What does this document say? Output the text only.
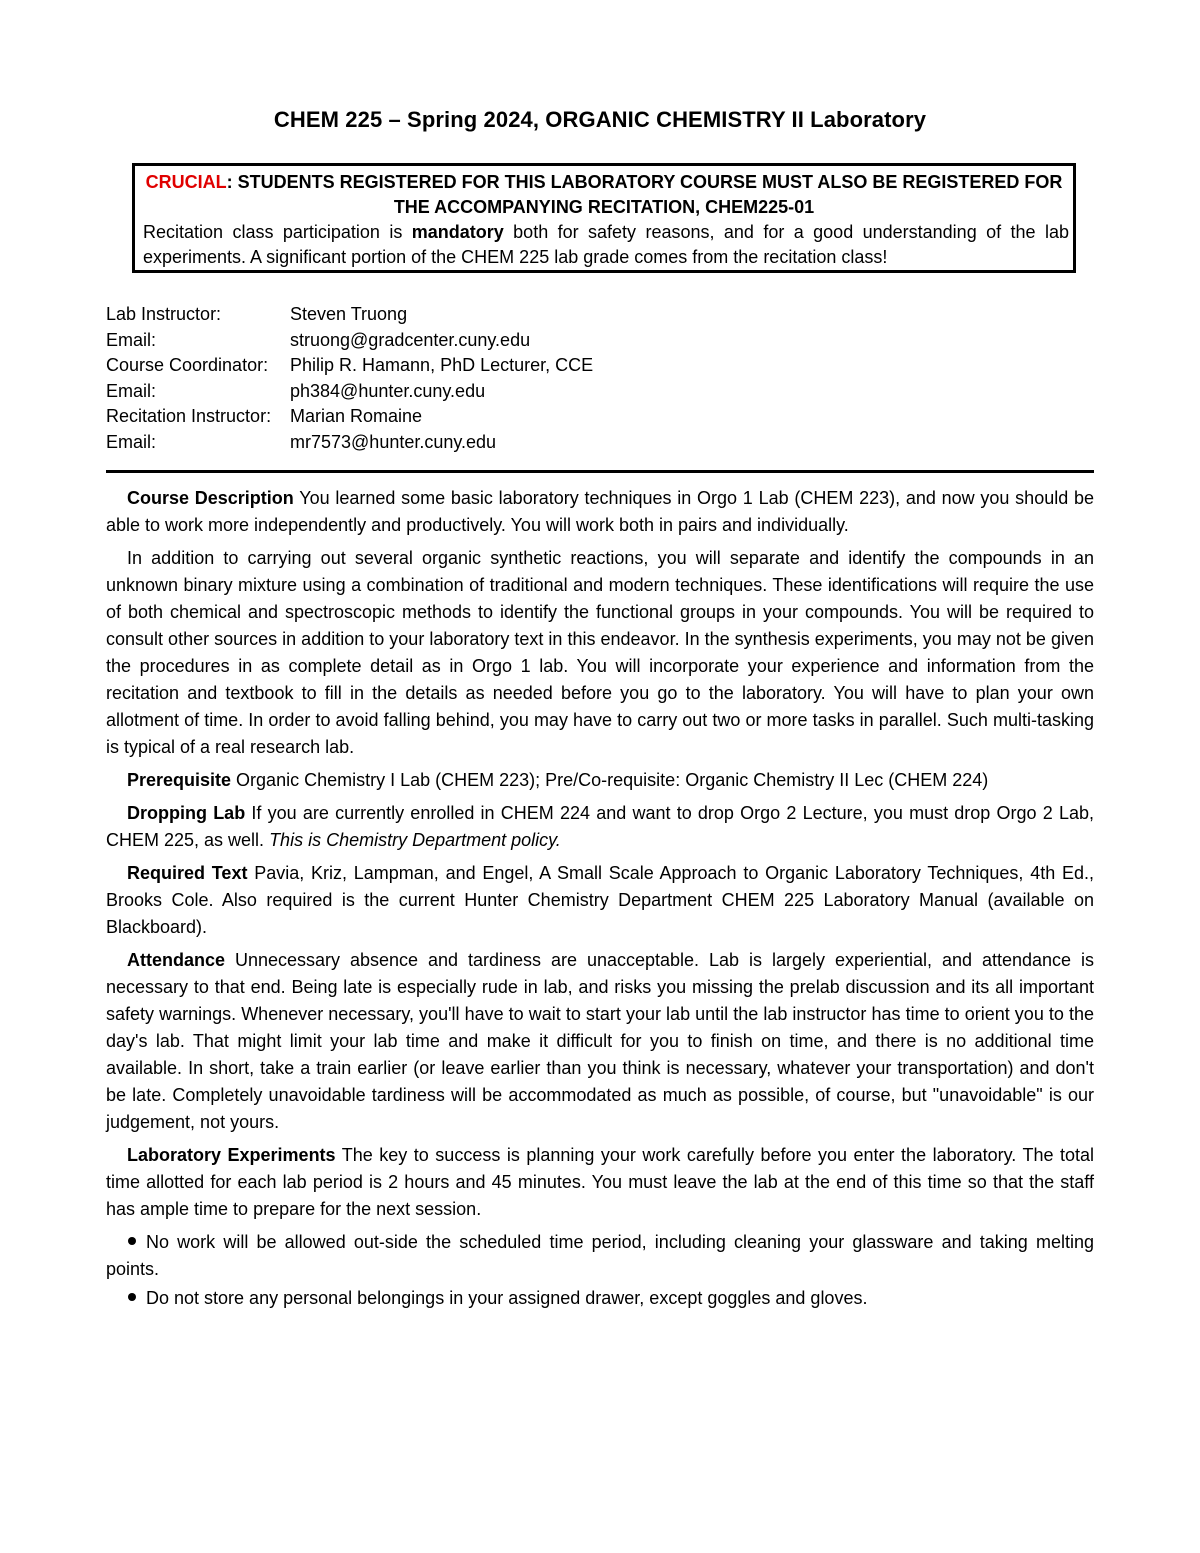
CHEM 225 – Spring 2024, ORGANIC CHEMISTRY II Laboratory
CRUCIAL: STUDENTS REGISTERED FOR THIS LABORATORY COURSE MUST ALSO BE REGISTERED FOR THE ACCOMPANYING RECITATION, CHEM225-01
Recitation class participation is mandatory both for safety reasons, and for a good understanding of the lab experiments. A significant portion of the CHEM 225 lab grade comes from the recitation class!
Lab Instructor:	Steven Truong
Email:	struong@gradcenter.cuny.edu
Course Coordinator:	Philip R. Hamann, PhD Lecturer, CCE
Email:	ph384@hunter.cuny.edu
Recitation Instructor:	Marian Romaine
Email:	mr7573@hunter.cuny.edu

Course Description You learned some basic laboratory techniques in Orgo 1 Lab (CHEM 223), and now you should be able to work more independently and productively. You will work both in pairs and individually.

In addition to carrying out several organic synthetic reactions, you will separate and identify the compounds in an unknown binary mixture using a combination of traditional and modern techniques. These identifications will require the use of both chemical and spectroscopic methods to identify the functional groups in your compounds. You will be required to consult other sources in addition to your laboratory text in this endeavor. In the synthesis experiments, you may not be given the procedures in as complete detail as in Orgo 1 lab. You will incorporate your experience and information from the recitation and textbook to fill in the details as needed before you go to the laboratory. You will have to plan your own allotment of time. In order to avoid falling behind, you may have to carry out two or more tasks in parallel. Such multi-tasking is typical of a real research lab.

Prerequisite Organic Chemistry I Lab (CHEM 223); Pre/Co-requisite: Organic Chemistry II Lec (CHEM 224)

Dropping Lab If you are currently enrolled in CHEM 224 and want to drop Orgo 2 Lecture, you must drop Orgo 2 Lab, CHEM 225, as well. This is Chemistry Department policy.

Required Text Pavia, Kriz, Lampman, and Engel, A Small Scale Approach to Organic Laboratory Techniques, 4th Ed., Brooks Cole. Also required is the current Hunter Chemistry Department CHEM 225 Laboratory Manual (available on Blackboard).

Attendance Unnecessary absence and tardiness are unacceptable. Lab is largely experiential, and attendance is necessary to that end. Being late is especially rude in lab, and risks you missing the prelab discussion and its all important safety warnings. Whenever necessary, you'll have to wait to start your lab until the lab instructor has time to orient you to the day's lab. That might limit your lab time and make it difficult for you to finish on time, and there is no additional time available. In short, take a train earlier (or leave earlier than you think is necessary, whatever your transportation) and don't be late. Completely unavoidable tardiness will be accommodated as much as possible, of course, but "unavoidable" is our judgement, not yours.

Laboratory Experiments The key to success is planning your work carefully before you enter the laboratory. The total time allotted for each lab period is 2 hours and 45 minutes. You must leave the lab at the end of this time so that the staff has ample time to prepare for the next session.

No work will be allowed out-side the scheduled time period, including cleaning your glassware and taking melting points.
Do not store any personal belongings in your assigned drawer, except goggles and gloves.
